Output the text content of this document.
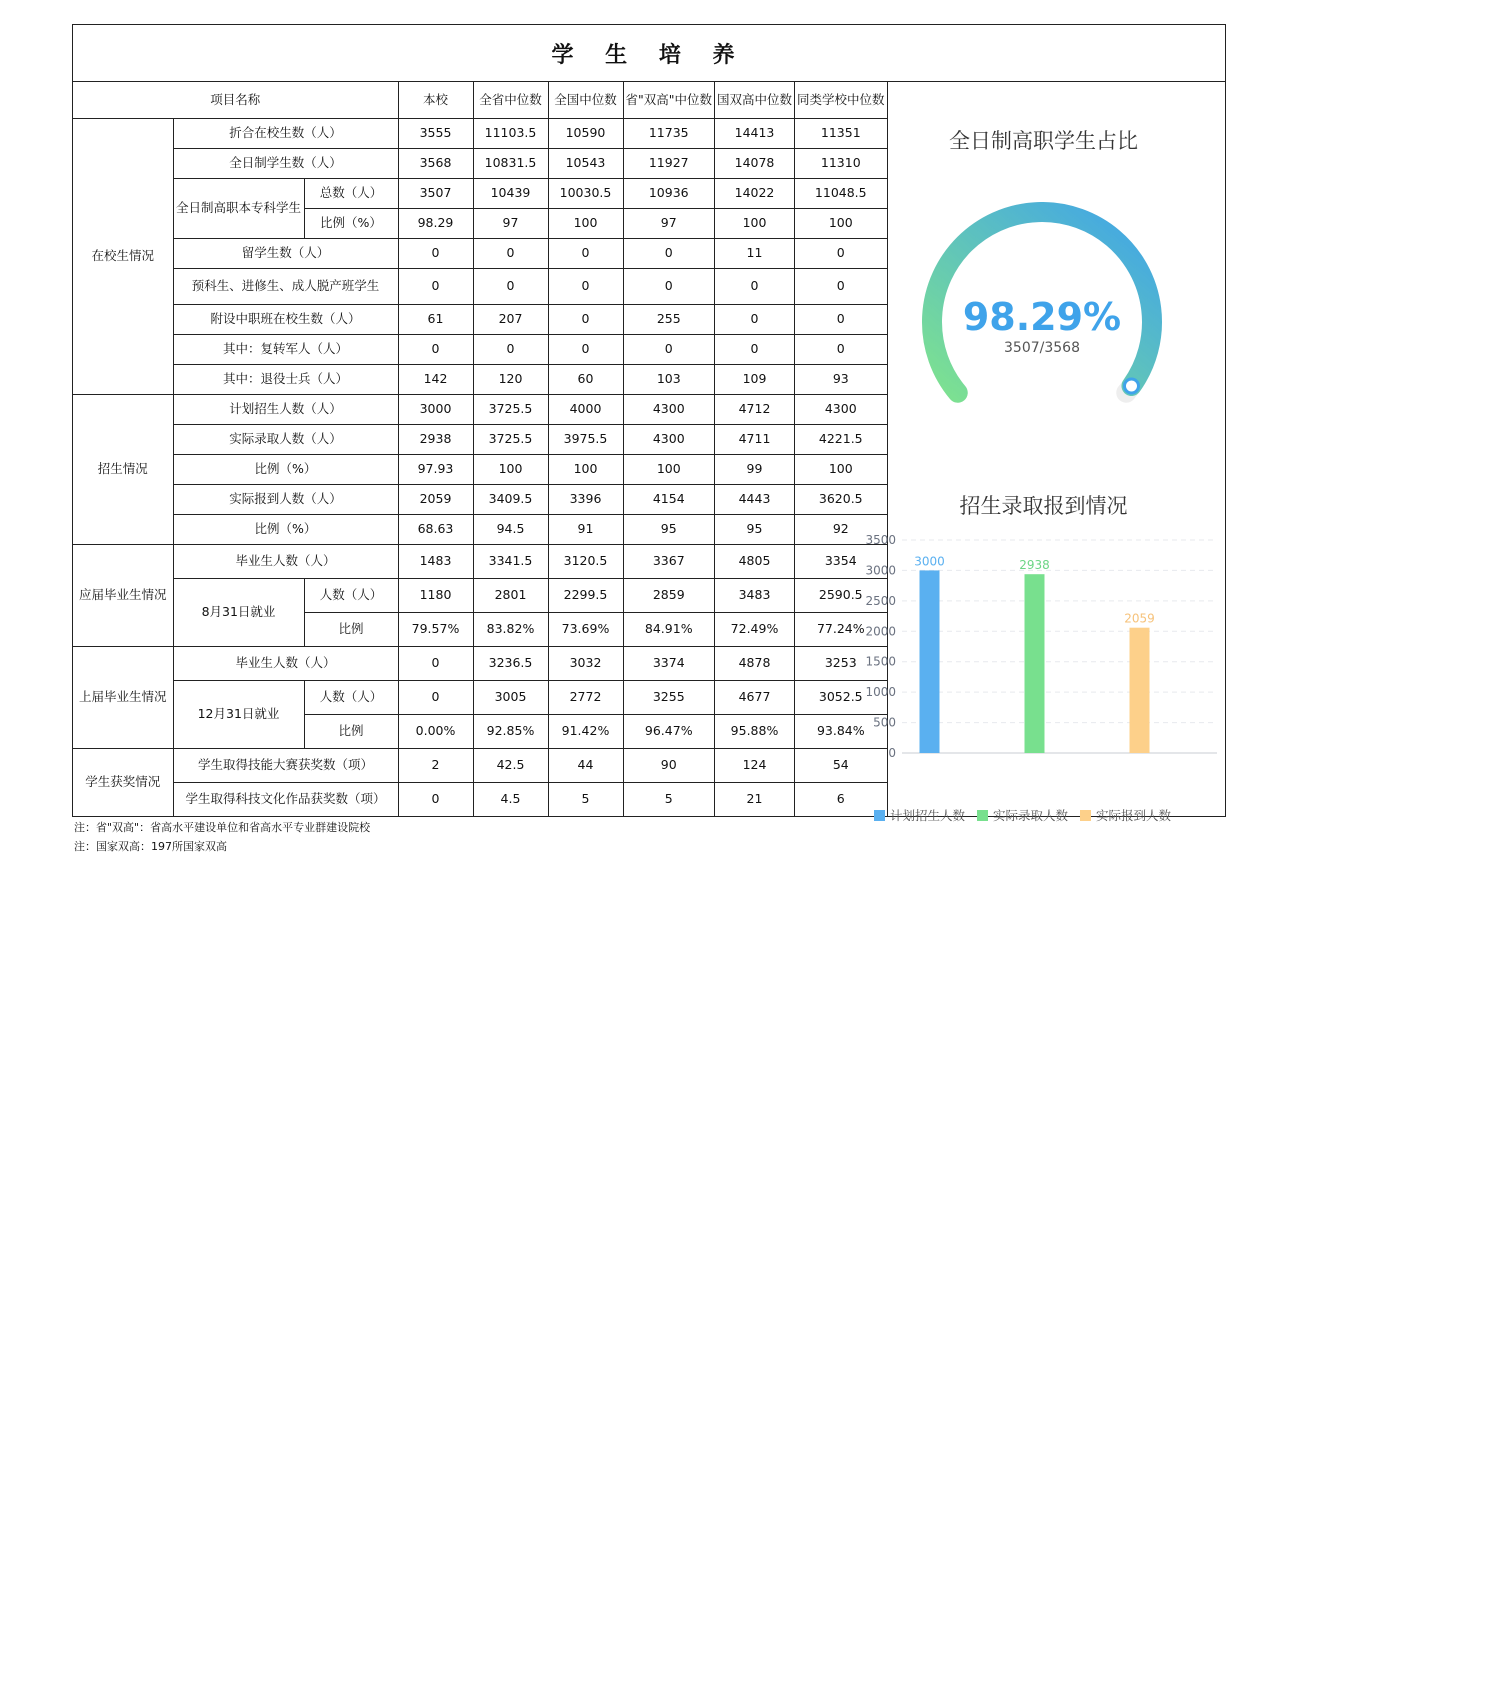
学 生 培 养
项目名称			本校	全省中位数	全国中位数	省"双高"中位数	国双高中位数	同类学校中位数
在校生情况	折合在校生数（人）		3555	11103.5	10590	11735	14413	11351
	全日制学生数（人）		3568	10831.5	10543	11927	14078	11310
	全日制高职本专科学生	总数（人）	3507	10439	10030.5	10936	14022	11048.5
		比例（%）	98.29	97	100	97	100	100
	留学生数（人）		0	0	0	0	11	0
	预科生、进修生、成人脱产班学生		0	0	0	0	0	0
	附设中职班在校生数（人）		61	207	0	255	0	0
	其中：复转军人（人）		0	0	0	0	0	0
	其中：退役士兵（人）		142	120	60	103	109	93
招生情况	计划招生人数（人）		3000	3725.5	4000	4300	4712	4300
	实际录取人数（人）		2938	3725.5	3975.5	4300	4711	4221.5
	比例（%）		97.93	100	100	100	99	100
	实际报到人数（人）		2059	3409.5	3396	4154	4443	3620.5
	比例（%）		68.63	94.5	91	95	95	92
应届毕业生情况	毕业生人数（人）		1483	3341.5	3120.5	3367	4805	3354
	8月31日就业	人数（人）	1180	2801	2299.5	2859	3483	2590.5
		比例	79.57%	83.82%	73.69%	84.91%	72.49%	77.24%
上届毕业生情况	毕业生人数（人）		0	3236.5	3032	3374	4878	3253
	12月31日就业	人数（人）	0	3005	2772	3255	4677	3052.5
		比例	0.00%	92.85%	91.42%	96.47%	95.88%	93.84%
学生获奖情况	学生取得技能大赛获奖数（项）		2	42.5	44	90	124	54
	学生取得科技文化作品获奖数（项）		0	4.5	5	5	21	6
全日制高职学生占比
98.29%
3507/3568
招生录取报到情况
0
500
1000
1500
2000
2500
3000
3500
3000	2938
2059
计划招生人数 实际录取人数 实际报到人数
注：省"双高"：省高水平建设单位和省高水平专业群建设院校
注：国家双高：197所国家双高
